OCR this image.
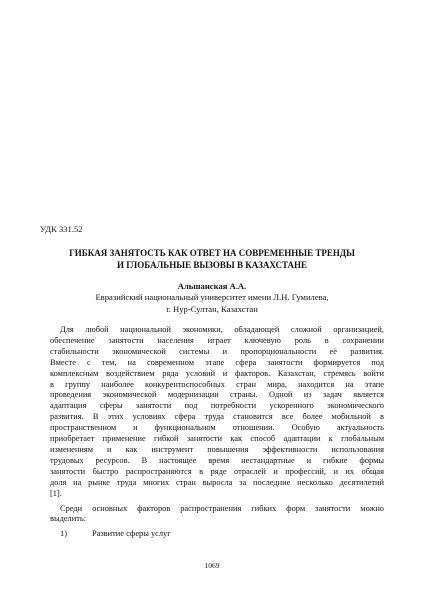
УДК 331.52
ГИБКАЯ ЗАНЯТОСТЬ КАК ОТВЕТ НА СОВРЕМЕННЫЕ ТРЕНДЫ
И ГЛОБАЛЬНЫЕ ВЫЗОВЫ В КАЗАХСТАНЕ
Альшанская А.А.
Евразийский национальный университет имени Л.Н. Гумилева,
г. Нур-Султан, Казахстан
Для любой национальной экономики, обладающей сложной организацией,
обеспечение занятости населения играет ключевую роль в сохранении
стабильности экономической системы и пропорциональности её развития.
Вместе с тем, на современном этапе сфера занятости формируется под
комплексным воздействием ряда условий и факторов. Казахстан, стремясь войти
в группу наиболее конкурентоспособных стран мира, находится на этапе
проведения экономической модернизации страны. Одной из задач является
адаптация сферы занятости под потребности ускоренного экономического
развития. В этих условиях сфера труда становится все более мобильной в
пространственном и функциональном отношении. Особую актуальность
приобретает применение гибкой занятости как способ адаптации к глобальным
изменениям и как инструмент повышения эффективности использования
трудовых ресурсов. В настоящее время нестандартные и гибкие формы
занятости быстро распространяются в ряде отраслей и профессий, и их общая
доля на рынке труда многих стран выросла за последние несколько десятилетий
[1].
Среди основных факторов распространения гибких форм занятости можно
выделить:
1)	Развитие сферы услуг

1069
